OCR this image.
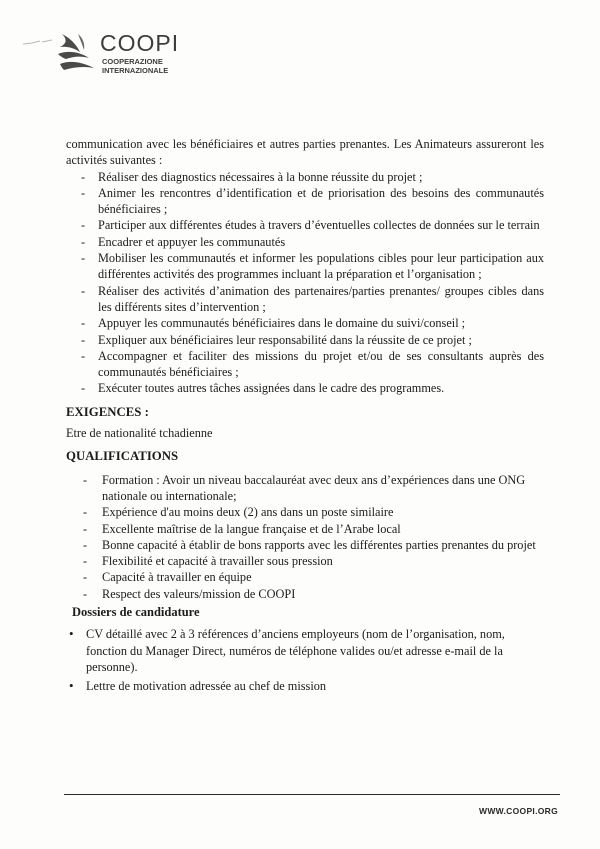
COOPI
COOPERAZIONE
INTERNAZIONALE

communication avec les bénéficiaires et autres parties prenantes. Les Animateurs assureront les activités suivantes :

- Réaliser des diagnostics nécessaires à la bonne réussite du projet ;
- Animer les rencontres d’identification et de priorisation des besoins des communautés bénéficiaires ;
- Participer aux différentes études à travers d’éventuelles collectes de données sur le terrain
- Encadrer et appuyer les communautés
- Mobiliser les communautés et informer les populations cibles pour leur participation aux différentes activités des programmes incluant la préparation et l’organisation ;
- Réaliser des activités d’animation des partenaires/parties prenantes/ groupes cibles dans les différents sites d’intervention ;
- Appuyer les communautés bénéficiaires dans le domaine du suivi/conseil ;
- Expliquer aux bénéficiaires leur responsabilité dans la réussite de ce projet ;
- Accompagner et faciliter des missions du projet et/ou de ses consultants auprès des communautés bénéficiaires ;
- Exécuter toutes autres tâches assignées dans le cadre des programmes.
EXIGENCES :
Etre de nationalité tchadienne
QUALIFICATIONS
- Formation : Avoir un niveau baccalauréat avec deux ans d’expériences dans une ONG nationale ou internationale;
- Expérience d'au moins deux (2) ans dans un poste similaire
- Excellente maîtrise de la langue française et de l’Arabe local
- Bonne capacité à établir de bons rapports avec les différentes parties prenantes du projet
- Flexibilité et capacité à travailler sous pression
- Capacité à travailler en équipe
- Respect des valeurs/mission de COOPI
Dossiers de candidature
• CV détaillé avec 2 à 3 références d’anciens employeurs (nom de l’organisation, nom, fonction du Manager Direct, numéros de téléphone valides ou/et adresse e-mail de la personne).
• Lettre de motivation adressée au chef de mission
WWW.COOPI.ORG
